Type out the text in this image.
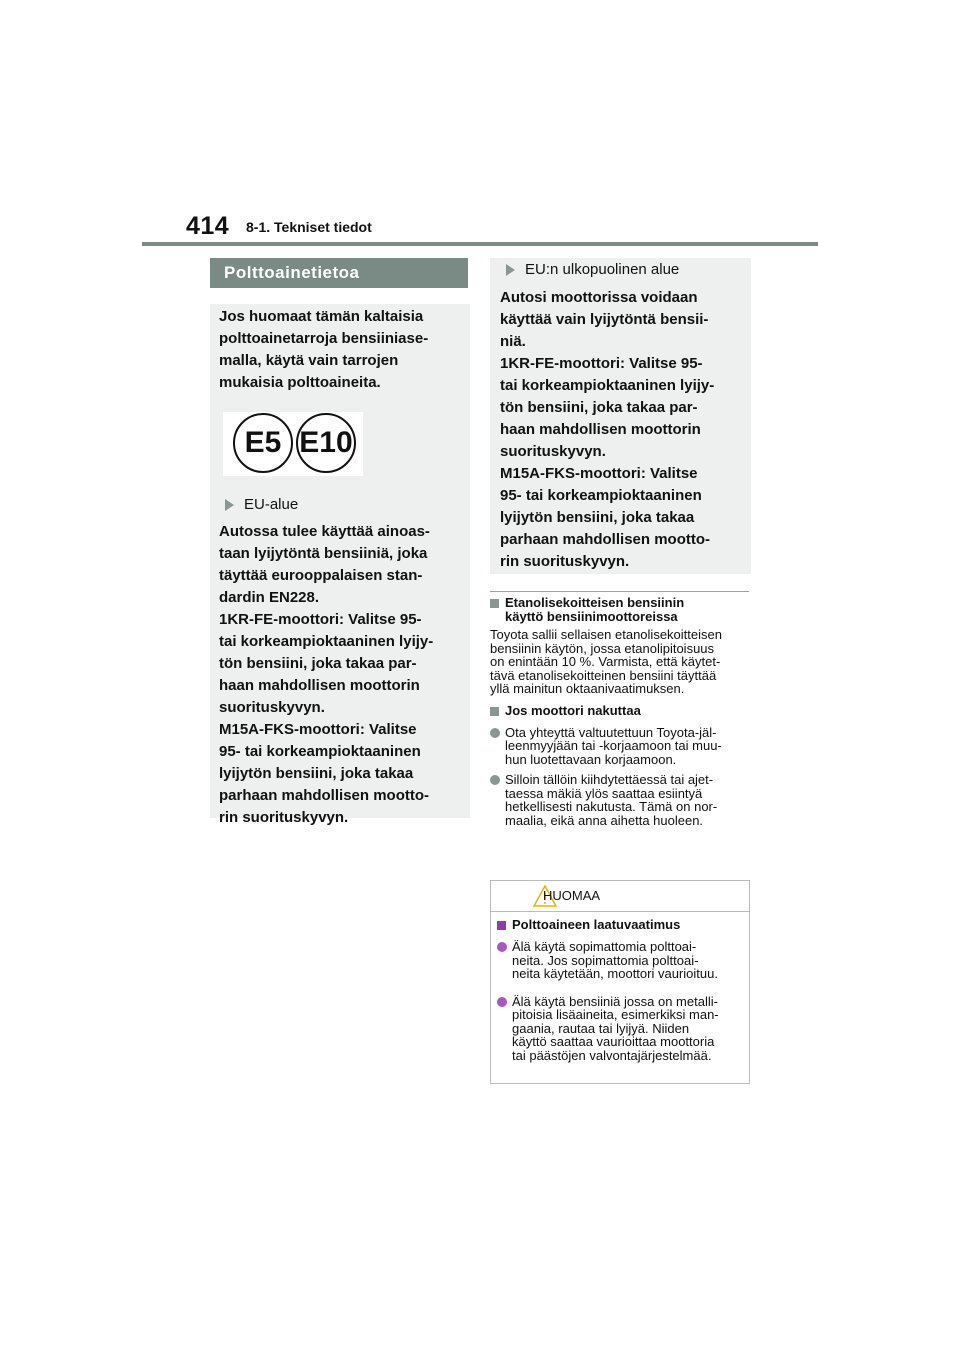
414 8-1. Tekniset tiedot
Polttoainetietoa
Jos huomaat tämän kaltaisia
polttoainetarroja bensiiniase-
malla, käytä vain tarrojen
mukaisia polttoaineita.
E5 E10
EU-alue
Autossa tulee käyttää ainoas-
taan lyijytöntä bensiiniä, joka
täyttää eurooppalaisen stan-
dardin EN228.
1KR-FE-moottori: Valitse 95-
tai korkeampioktaaninen lyijy-
tön bensiini, joka takaa par-
haan mahdollisen moottorin
suorituskyvyn.
M15A-FKS-moottori: Valitse
95- tai korkeampioktaaninen
lyijytön bensiini, joka takaa
parhaan mahdollisen mootto-
rin suorituskyvyn.
EU:n ulkopuolinen alue
Autosi moottorissa voidaan
käyttää vain lyijytöntä bensii-
niä.
1KR-FE-moottori: Valitse 95-
tai korkeampioktaaninen lyijy-
tön bensiini, joka takaa par-
haan mahdollisen moottorin
suorituskyvyn.
M15A-FKS-moottori: Valitse
95- tai korkeampioktaaninen
lyijytön bensiini, joka takaa
parhaan mahdollisen mootto-
rin suorituskyvyn.
Etanolisekoitteisen bensiinin
käyttö bensiinimoottoreissa
Toyota sallii sellaisen etanolisekoitteisen
bensiinin käytön, jossa etanolipitoisuus
on enintään 10 %. Varmista, että käytet-
tävä etanolisekoitteinen bensiini täyttää
yllä mainitun oktaanivaatimuksen.
Jos moottori nakuttaa
Ota yhteyttä valtuutettuun Toyota-jäl-
leenmyyjään tai -korjaamoon tai muu-
hun luotettavaan korjaamoon.
Silloin tällöin kiihdytettäessä tai ajet-
taessa mäkiä ylös saattaa esiintyä
hetkellisesti nakutusta. Tämä on nor-
maalia, eikä anna aihetta huoleen.
HUOMAA
Polttoaineen laatuvaatimus
Älä käytä sopimattomia polttoai-
neita. Jos sopimattomia polttoai-
neita käytetään, moottori vaurioituu.
Älä käytä bensiiniä jossa on metalli-
pitoisia lisäaineita, esimerkiksi man-
gaania, rautaa tai lyijyä. Niiden
käyttö saattaa vaurioittaa moottoria
tai päästöjen valvontajärjestelmää.
